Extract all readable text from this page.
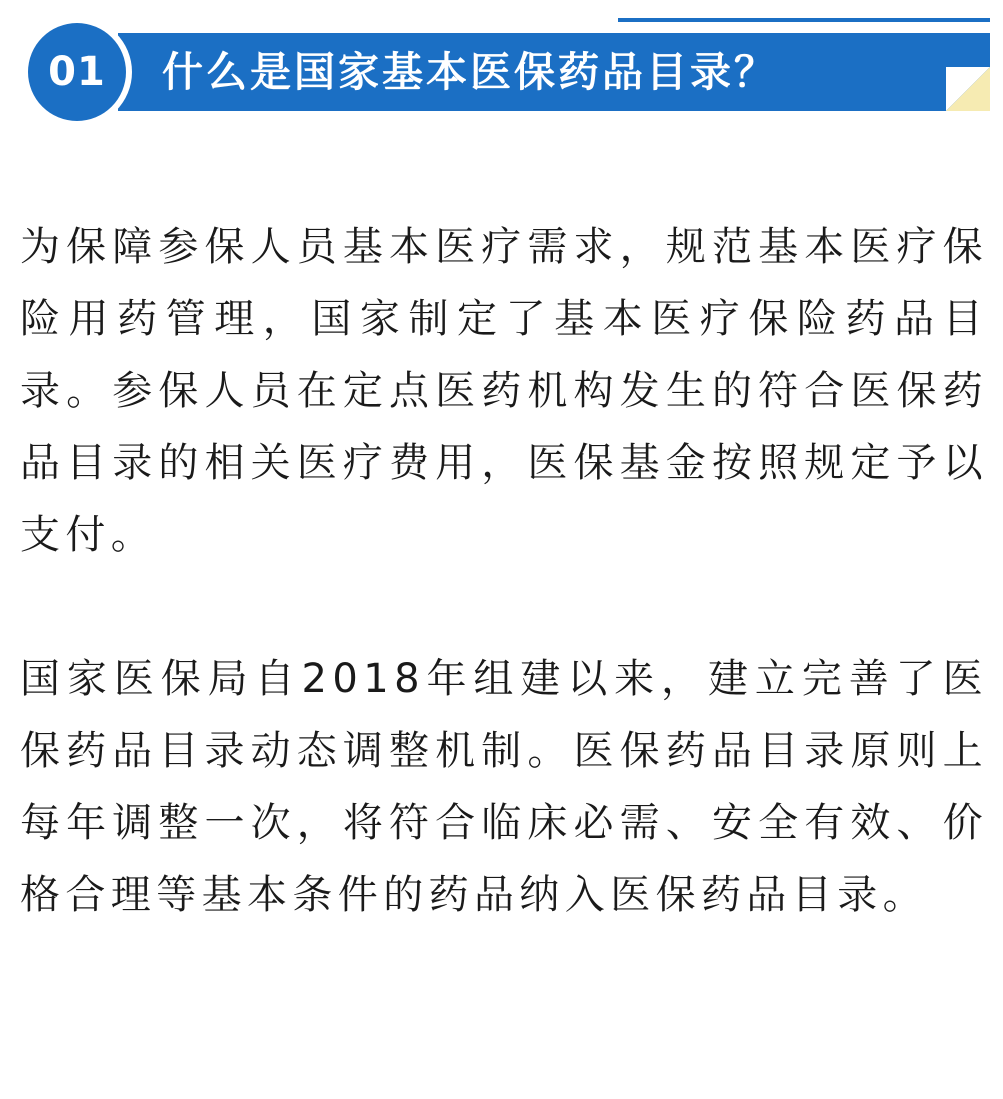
01	什么是国家基本医保药品目录？

为保障参保人员基本医疗需求，规范基本医疗保险用药管理，国家制定了基本医疗保险药品目录。参保人员在定点医药机构发生的符合医保药品目录的相关医疗费用，医保基金按照规定予以支付。

国家医保局自2018年组建以来，建立完善了医保药品目录动态调整机制。医保药品目录原则上每年调整一次，将符合临床必需、安全有效、价格合理等基本条件的药品纳入医保药品目录。
